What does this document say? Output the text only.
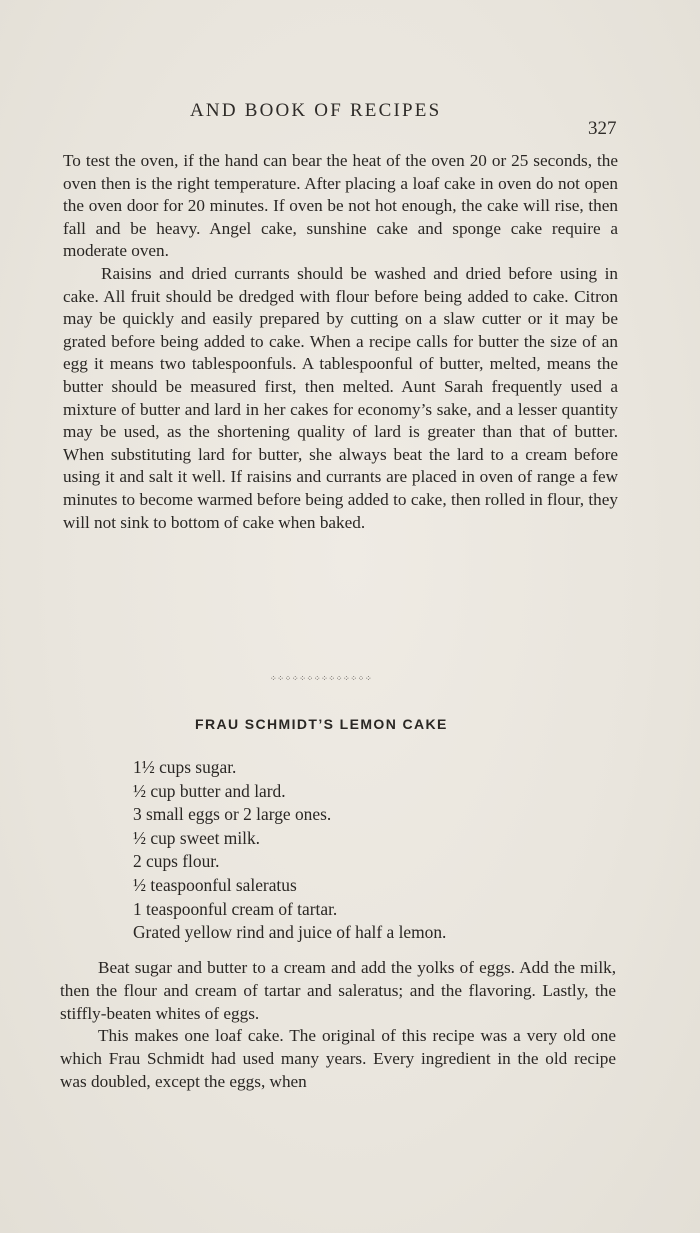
AND BOOK OF RECIPES
327

To test the oven, if the hand can bear the heat of the oven 20 or 25 seconds, the oven then is the right temperature. After placing a loaf cake in oven do not open the oven door for 20 minutes. If oven be not hot enough, the cake will rise, then fall and be heavy. Angel cake, sunshine cake and sponge cake require a moderate oven.

Raisins and dried currants should be washed and dried before using in cake. All fruit should be dredged with flour before being added to cake. Citron may be quickly and easily prepared by cutting on a slaw cutter or it may be grated before being added to cake. When a recipe calls for butter the size of an egg it means two tablespoonfuls. A tablespoonful of butter, melted, means the butter should be measured first, then melted. Aunt Sarah frequently used a mixture of butter and lard in her cakes for economy’s sake, and a lesser quantity may be used, as the shortening quality of lard is greater than that of butter. When substituting lard for butter, she always beat the lard to a cream before using it and salt it well. If raisins and currants are placed in oven of range a few minutes to become warmed before being added to cake, then rolled in flour, they will not sink to bottom of cake when baked.

⁘⁘⁘⁘⁘⁘⁘⁘⁘⁘⁘⁘⁘⁘
FRAU SCHMIDT’S LEMON CAKE
1½ cups sugar.
½ cup butter and lard.
3 small eggs or 2 large ones.
½ cup sweet milk.
2 cups flour.
½ teaspoonful saleratus
1 teaspoonful cream of tartar.
Grated yellow rind and juice of half a lemon.

Beat sugar and butter to a cream and add the yolks of eggs. Add the milk, then the flour and cream of tartar and saleratus; and the flavoring. Lastly, the stiffly-beaten whites of eggs.

This makes one loaf cake. The original of this recipe was a very old one which Frau Schmidt had used many years. Every ingredient in the old recipe was doubled, except the eggs, when
